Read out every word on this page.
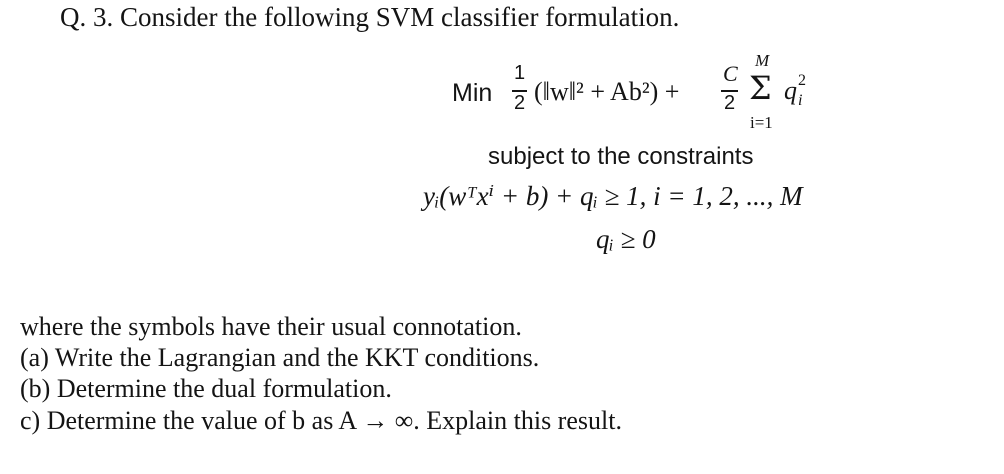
Q. 3. Consider the following SVM classifier formulation.
Min
1
2 (‖w‖² + Ab²) +
C
2
M
Σ
i=1
q 2
i
subject to the constraints
yᵢ(wᵀxⁱ + b) + qᵢ ≥ 1, i = 1, 2, ..., M
qᵢ ≥ 0
where the symbols have their usual connotation.
(a) Write the Lagrangian and the KKT conditions.
(b) Determine the dual formulation.
c) Determine the value of b as A → ∞. Explain this result.
